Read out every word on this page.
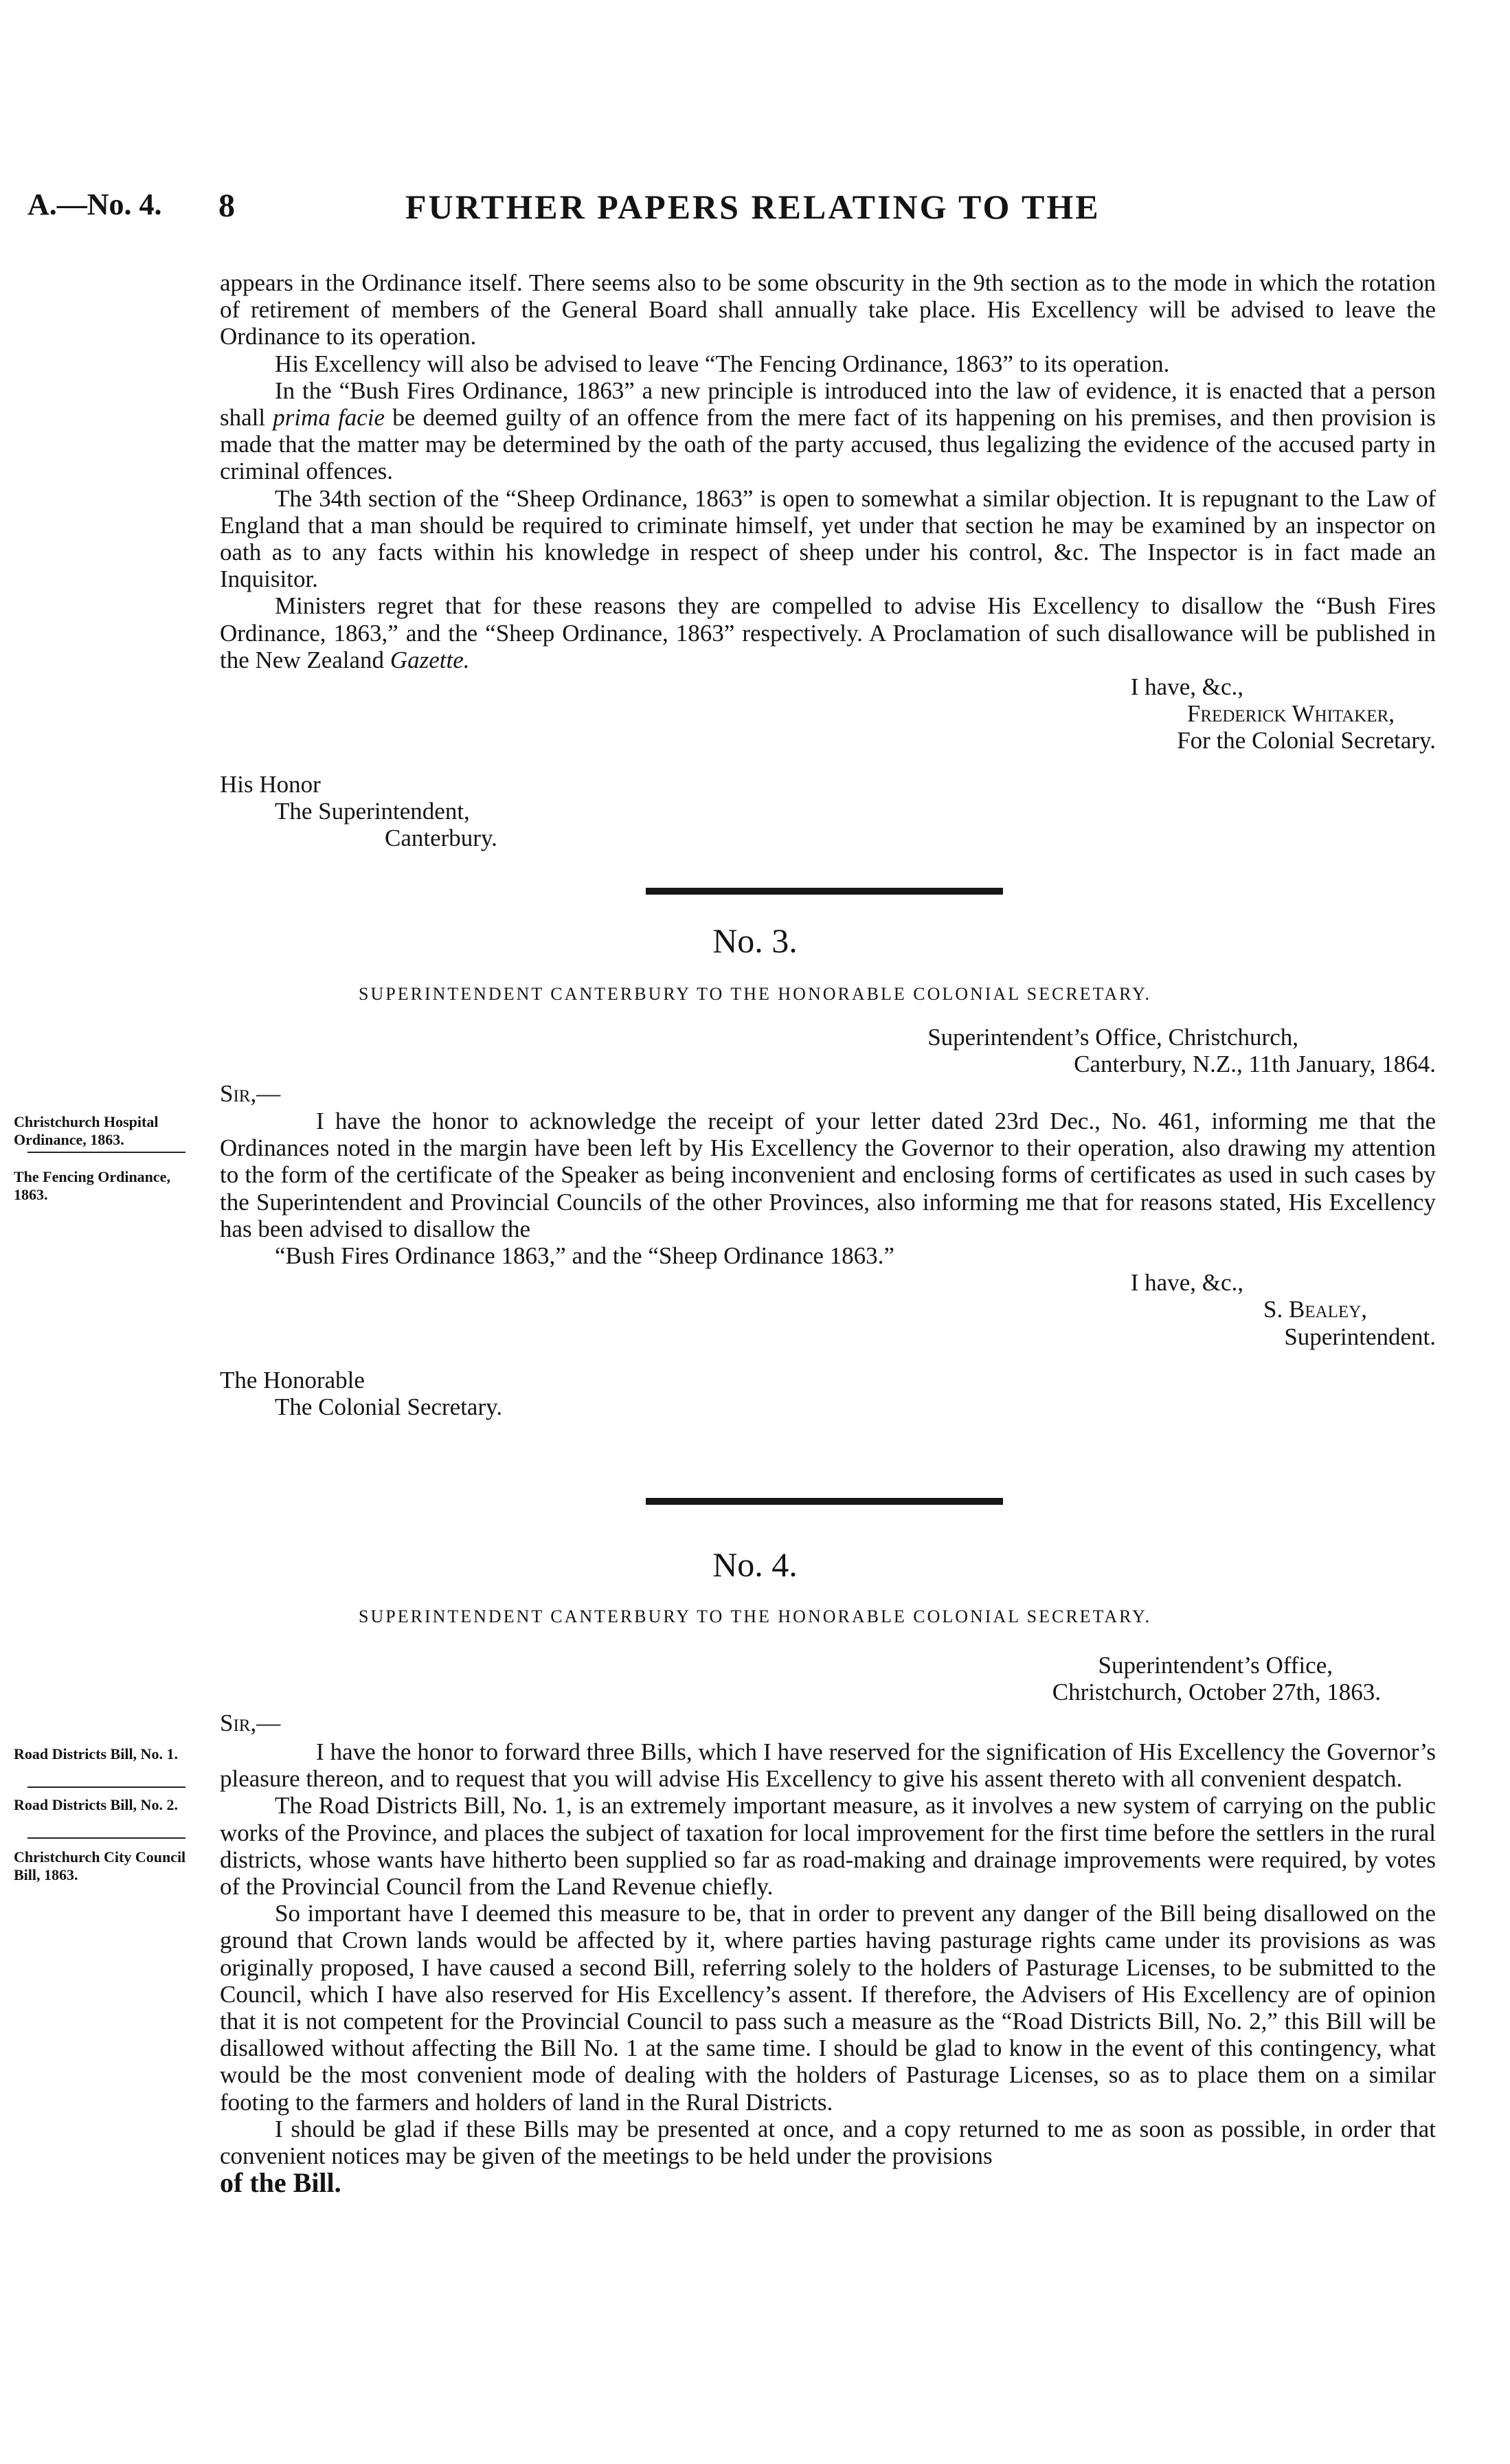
A.—No. 4. 8	FURTHER PAPERS RELATING TO THE

appears in the Ordinance itself. There seems also to be some obscurity in the 9th section as to the mode in which the rotation of retirement of members of the General Board shall annually take place. His Excellency will be advised to leave the Ordinance to its operation.

His Excellency will also be advised to leave “The Fencing Ordinance, 1863” to its operation.

In the “Bush Fires Ordinance, 1863” a new principle is introduced into the law of evidence, it is enacted that a person shall prima facie be deemed guilty of an offence from the mere fact of its happening on his premises, and then provision is made that the matter may be determined by the oath of the party accused, thus legalizing the evidence of the accused party in criminal offences.

The 34th section of the “Sheep Ordinance, 1863” is open to somewhat a similar objection. It is repugnant to the Law of England that a man should be required to criminate himself, yet under that section he may be examined by an inspector on oath as to any facts within his knowledge in respect of sheep under his control, &c. The Inspector is in fact made an Inquisitor.

Ministers regret that for these reasons they are compelled to advise His Excellency to disallow the “Bush Fires Ordinance, 1863,” and the “Sheep Ordinance, 1863” respectively. A Proclamation of such disallowance will be published in the New Zealand Gazette.

I have, &c.,

Frederick Whitaker,

For the Colonial Secretary.

His Honor

The Superintendent,

Canterbury.

No. 3.
SUPERINTENDENT CANTERBURY TO THE HONORABLE COLONIAL SECRETARY.

Superintendent’s Office, Christchurch,

Canterbury, N.Z., 11th January, 1864.

Sir,—
Christchurch Hospital Ordinance, 1863.
The Fencing Ordinance, 1863.

I have the honor to acknowledge the receipt of your letter dated 23rd Dec., No. 461, informing me that the Ordinances noted in the margin have been left by His Excellency the Governor to their operation, also drawing my attention to the form of the certificate of the Speaker as being inconvenient and enclosing forms of certificates as used in such cases by the Superintendent and Provincial Councils of the other Provinces, also informing me that for reasons stated, His Excellency has been advised to disallow the

“Bush Fires Ordinance 1863,” and the “Sheep Ordinance 1863.”

I have, &c.,

S. Bealey,

Superintendent.

The Honorable

The Colonial Secretary.

No. 4.
SUPERINTENDENT CANTERBURY TO THE HONORABLE COLONIAL SECRETARY.

Superintendent’s Office,

Christchurch, October 27th, 1863.

Sir,—
Road Districts Bill, No. 1.
Road Districts Bill, No. 2.
Christchurch City Council Bill, 1863.

I have the honor to forward three Bills, which I have reserved for the signification of His Excellency the Governor’s pleasure thereon, and to request that you will advise His Excellency to give his assent thereto with all convenient despatch.

The Road Districts Bill, No. 1, is an extremely important measure, as it involves a new system of carrying on the public works of the Province, and places the subject of taxation for local improvement for the first time before the settlers in the rural districts, whose wants have hitherto been supplied so far as road-making and drainage improvements were required, by votes of the Provincial Council from the Land Revenue chiefly.

So important have I deemed this measure to be, that in order to prevent any danger of the Bill being disallowed on the ground that Crown lands would be affected by it, where parties having pasturage rights came under its provisions as was originally proposed, I have caused a second Bill, referring solely to the holders of Pasturage Licenses, to be submitted to the Council, which I have also reserved for His Excellency’s assent. If therefore, the Advisers of His Excellency are of opinion that it is not competent for the Provincial Council to pass such a measure as the “Road Districts Bill, No. 2,” this Bill will be disallowed without affecting the Bill No. 1 at the same time. I should be glad to know in the event of this contingency, what would be the most convenient mode of dealing with the holders of Pasturage Licenses, so as to place them on a similar footing to the farmers and holders of land in the Rural Districts.

I should be glad if these Bills may be presented at once, and a copy returned to me as soon as possible, in order that convenient notices may be given of the meetings to be held under the provisions

of the Bill.
